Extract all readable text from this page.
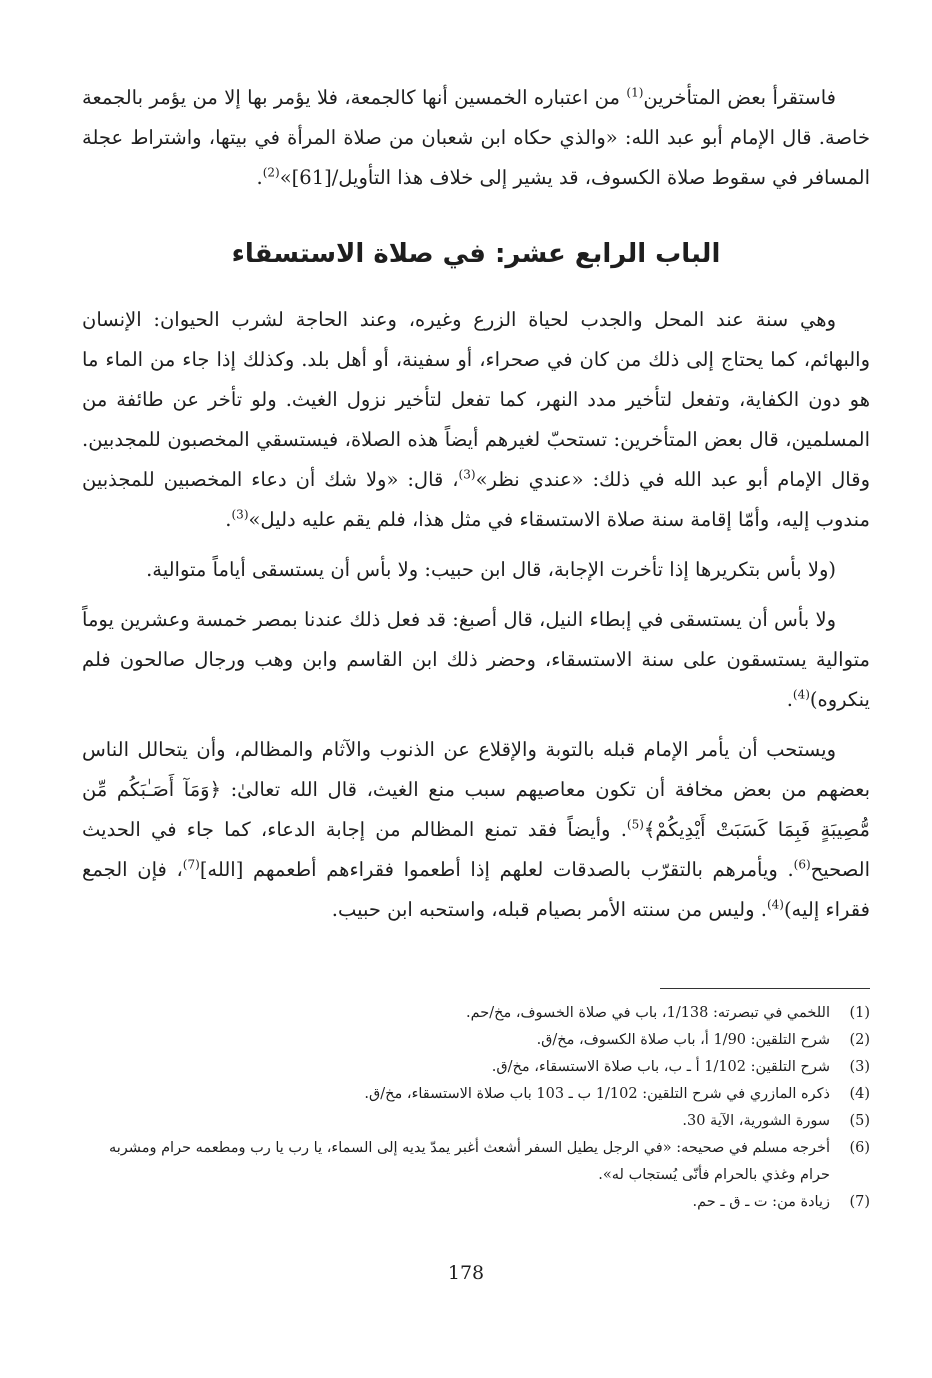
فاستقرأ بعض المتأخرين$^{(1)}$ من اعتباره الخمسين أنها كالجمعة، فلا يؤمر بها إلا من يؤمر بالجمعة خاصة. قال الإمام أبو عبد الله: «والذي حكاه ابن شعبان من صلاة المرأة في بيتها، واشتراط عجلة المسافر في سقوط صلاة الكسوف، قد يشير إلى خلاف هذا التأويل/[61]»$^{(2)}$.

الباب الرابع عشر: في صلاة الاستسقاء

وهي سنة عند المحل والجدب لحياة الزرع وغيره، وعند الحاجة لشرب الحيوان: الإنسان والبهائم، كما يحتاج إلى ذلك من كان في صحراء، أو سفينة، أو أهل بلد. وكذلك إذا جاء من الماء ما هو دون الكفاية، وتفعل لتأخير مدد النهر، كما تفعل لتأخير نزول الغيث. ولو تأخر عن طائفة من المسلمين، قال بعض المتأخرين: تستحبّ لغيرهم أيضاً هذه الصلاة، فيستسقي المخصبون للمجدبين. وقال الإمام أبو عبد الله في ذلك: «عندي نظر»$^{(3)}$، قال: «ولا شك أن دعاء المخصبين للمجذبين مندوب إليه، وأمّا إقامة سنة صلاة الاستسقاء في مثل هذا، فلم يقم عليه دليل»$^{(3)}$.

(ولا بأس بتكريرها إذا تأخرت الإجابة، قال ابن حبيب: ولا بأس أن يستسقى أياماً متوالية.

ولا بأس أن يستسقى في إبطاء النيل، قال أصبغ: قد فعل ذلك عندنا بمصر خمسة وعشرين يوماً متوالية يستسقون على سنة الاستسقاء، وحضر ذلك ابن القاسم وابن وهب ورجال صالحون فلم ينكروه)$^{(4)}$.

ويستحب أن يأمر الإمام قبله بالتوبة والإقلاع عن الذنوب والآثام والمظالم، وأن يتحالل الناس بعضهم من بعض مخافة أن تكون معاصيهم سبب منع الغيث، قال الله تعالىٰ: ﴿وَمَآ أَصَـٰبَكُم مِّن مُّصِيبَةٍ فَبِمَا كَسَبَتْ أَيْدِيكُمْ﴾$^{(5)}$. وأيضاً فقد تمنع المظالم من إجابة الدعاء، كما جاء في الحديث الصحيح$^{(6)}$. ويأمرهم بالتقرّب بالصدقات لعلهم إذا أطعموا فقراءهم أطعمهم [الله]$^{(7)}$، فإن الجمع فقراء إليه)$^{(4)}$. وليس من سنته الأمر بصيام قبله، واستحبه ابن حبيب.

(1)
اللخمي في تبصرته: 1/138، باب في صلاة الخسوف، مخ/حم.
(2)
شرح التلقين: 1/90 أ، باب صلاة الكسوف، مخ/ق.
(3)
شرح التلقين: 1/102 أ ـ ب، باب صلاة الاستسقاء، مخ/ق.
(4)
ذكره المازري في شرح التلقين: 1/102 ب ـ 103 باب صلاة الاستسقاء، مخ/ق.
(5)
سورة الشورية، الآية 30.
(6)
أخرجه مسلم في صحيحه: «في الرجل يطيل السفر أشعث أغبر يمدّ يديه إلى السماء، يا رب يا رب ومطعمه حرام ومشربه حرام وغذي بالحرام فأنّى يُستجاب له».
(7)
زيادة من: ت ـ ق ـ حم.
178
